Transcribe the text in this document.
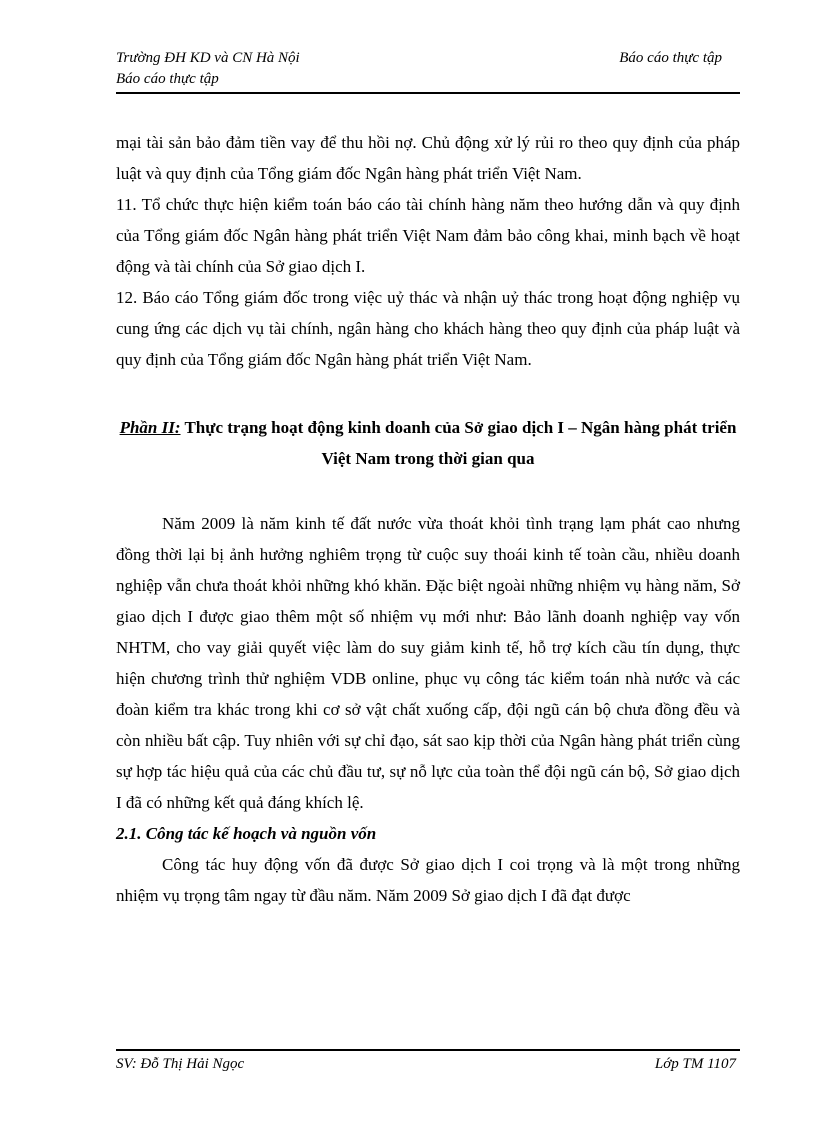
Trường ĐH KD và CN Hà Nội	Báo cáo thực tập
Báo cáo thực tập

mại tài sản bảo đảm tiền vay để thu hồi nợ. Chủ động xử lý rủi ro theo quy định của pháp luật và quy định của Tổng giám đốc Ngân hàng phát triển Việt Nam.

11. Tổ chức thực hiện kiểm toán báo cáo tài chính hàng năm theo hướng dẫn và quy định của Tổng giám đốc Ngân hàng phát triển Việt Nam đảm bảo công khai, minh bạch về hoạt động và tài chính của Sở giao dịch I.

12. Báo cáo Tổng giám đốc trong việc uỷ thác và nhận uỷ thác trong hoạt động nghiệp vụ cung ứng các dịch vụ tài chính, ngân hàng cho khách hàng theo quy định của pháp luật và quy định của Tổng giám đốc Ngân hàng phát triển Việt Nam.

Phần II: Thực trạng hoạt động kinh doanh của Sở giao dịch I – Ngân hàng phát triển Việt Nam trong thời gian qua

Năm 2009 là năm kinh tế đất nước vừa thoát khỏi tình trạng lạm phát cao nhưng đồng thời lại bị ảnh hưởng nghiêm trọng từ cuộc suy thoái kinh tế toàn cầu, nhiều doanh nghiệp vẫn chưa thoát khỏi những khó khăn. Đặc biệt ngoài những nhiệm vụ hàng năm, Sở giao dịch I được giao thêm một số nhiệm vụ mới như: Bảo lãnh doanh nghiệp vay vốn NHTM, cho vay giải quyết việc làm do suy giảm kinh tế, hỗ trợ kích cầu tín dụng, thực hiện chương trình thử nghiệm VDB online, phục vụ công tác kiểm toán nhà nước và các đoàn kiểm tra khác trong khi cơ sở vật chất xuống cấp, đội ngũ cán bộ chưa đồng đều và còn nhiều bất cập. Tuy nhiên với sự chỉ đạo, sát sao kịp thời của Ngân hàng phát triển cùng sự hợp tác hiệu quả của các chủ đầu tư, sự nỗ lực của toàn thể đội ngũ cán bộ, Sở giao dịch I đã có những kết quả đáng khích lệ.

2.1. Công tác kế hoạch và nguồn vốn

Công tác huy động vốn đã được Sở giao dịch I coi trọng và là một trong những nhiệm vụ trọng tâm ngay từ đầu năm. Năm 2009 Sở giao dịch I đã đạt được

SV: Đỗ Thị Hải Ngọc	Lớp TM 1107
